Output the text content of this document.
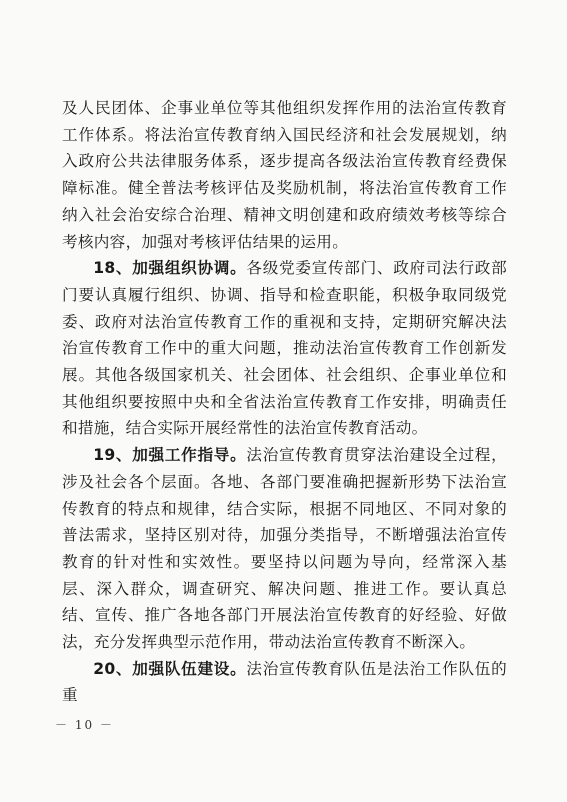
及人民团体、企事业单位等其他组织发挥作用的法治宣传教育工作体系。将法治宣传教育纳入国民经济和社会发展规划，纳入政府公共法律服务体系，逐步提高各级法治宣传教育经费保障标准。健全普法考核评估及奖励机制，将法治宣传教育工作纳入社会治安综合治理、精神文明创建和政府绩效考核等综合考核内容，加强对考核评估结果的运用。

18、加强组织协调。各级党委宣传部门、政府司法行政部门要认真履行组织、协调、指导和检查职能，积极争取同级党委、政府对法治宣传教育工作的重视和支持，定期研究解决法治宣传教育工作中的重大问题，推动法治宣传教育工作创新发展。其他各级国家机关、社会团体、社会组织、企事业单位和其他组织要按照中央和全省法治宣传教育工作安排，明确责任和措施，结合实际开展经常性的法治宣传教育活动。

19、加强工作指导。法治宣传教育贯穿法治建设全过程，涉及社会各个层面。各地、各部门要准确把握新形势下法治宣传教育的特点和规律，结合实际，根据不同地区、不同对象的普法需求，坚持区别对待，加强分类指导，不断增强法治宣传教育的针对性和实效性。要坚持以问题为导向，经常深入基层、深入群众，调查研究、解决问题、推进工作。要认真总结、宣传、推广各地各部门开展法治宣传教育的好经验、好做法，充分发挥典型示范作用，带动法治宣传教育不断深入。

20、加强队伍建设。法治宣传教育队伍是法治工作队伍的重

－ 10 －
